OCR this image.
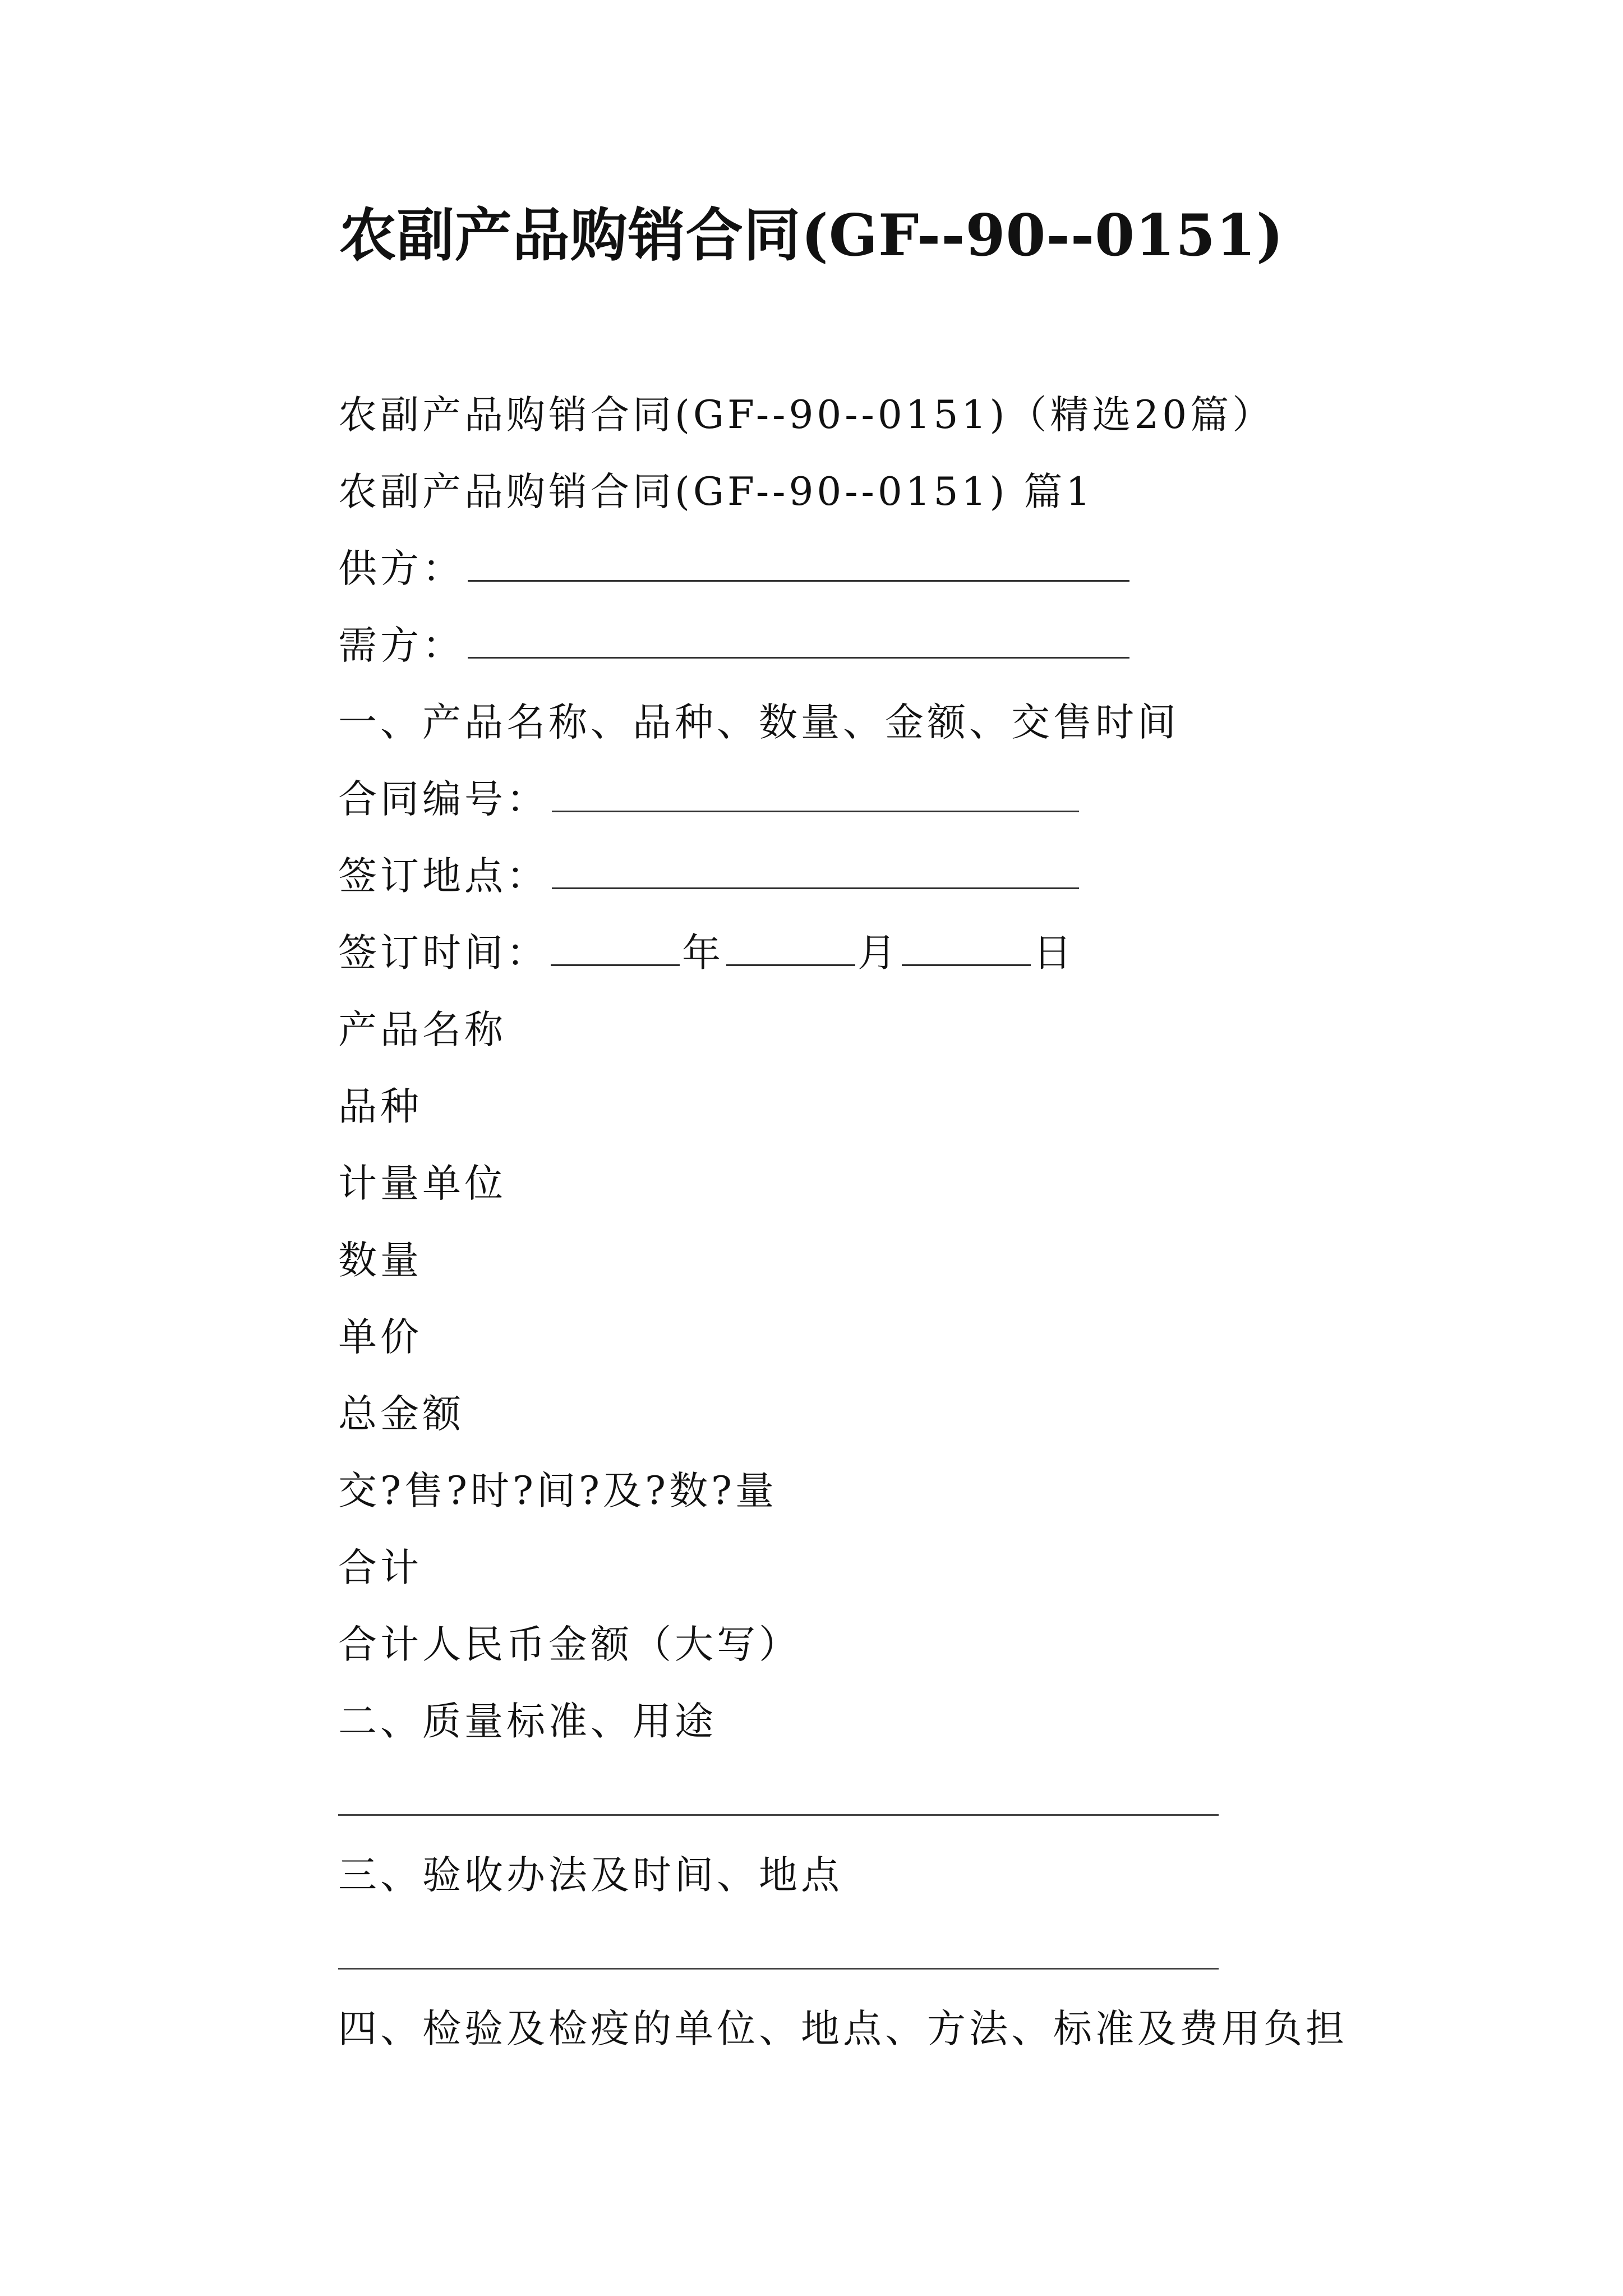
农副产品购销合同(GF--90--0151)
农副产品购销合同(GF--90--0151)（精选20篇）
农副产品购销合同(GF--90--0151) 篇1
供方：
需方：
一、产品名称、品种、数量、金额、交售时间
合同编号：
签订地点：
签订时间：	年	月	日
产品名称
品种
计量单位
数量
单价
总金额
交?售?时?间?及?数?量
合计
合计人民币金额（大写）
二、质量标准、用途
三、验收办法及时间、地点
四、检验及检疫的单位、地点、方法、标准及费用负担
